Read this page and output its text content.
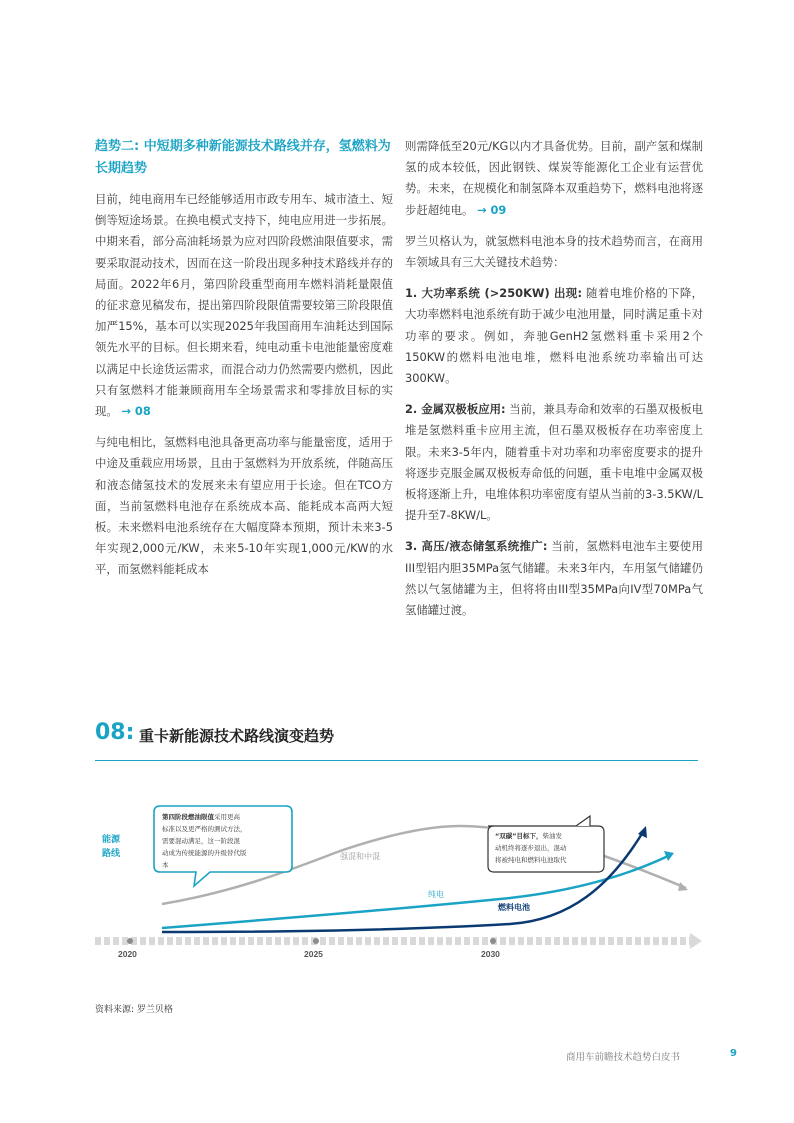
趋势二: 中短期多种新能源技术路线并存，氢燃料为长期趋势
目前，纯电商用车已经能够适用市政专用车、城市渣土、短倒等短途场景。在换电模式支持下，纯电应用进一步拓展。中期来看，部分高油耗场景为应对四阶段燃油限值要求，需要采取混动技术，因而在这一阶段出现多种技术路线并存的局面。2022年6月，第四阶段重型商用车燃料消耗量限值的征求意见稿发布，提出第四阶段限值需要较第三阶段限值加严15%，基本可以实现2025年我国商用车油耗达到国际领先水平的目标。但长期来看，纯电动重卡电池能量密度难以满足中长途货运需求，而混合动力仍然需要内燃机，因此只有氢燃料才能兼顾商用车全场景需求和零排放目标的实现。 → 08
与纯电相比，氢燃料电池具备更高功率与能量密度，适用于中途及重载应用场景，且由于氢燃料为开放系统，伴随高压和液态储氢技术的发展来未有望应用于长途。但在TCO方面，当前氢燃料电池存在系统成本高、能耗成本高两大短板。未来燃料电池系统存在大幅度降本预期，预计未来3-5年实现2,000元/KW，未来5-10年实现1,000元/KW的水平，而氢燃料能耗成本
则需降低至20元/KG以内才具备优势。目前，副产氢和煤制氢的成本较低，因此钢铁、煤炭等能源化工企业有运营优势。未来，在规模化和制氢降本双重趋势下，燃料电池将逐步赶超纯电。 → 09
罗兰贝格认为，就氢燃料电池本身的技术趋势而言，在商用车领域具有三大关键技术趋势：
1. 大功率系统 (>250KW) 出现: 随着电堆价格的下降，大功率燃料电池系统有助于减少电池用量，同时满足重卡对功率的要求。例如，奔驰GenH2氢燃料重卡采用2个150KW的燃料电池电堆，燃料电池系统功率输出可达300KW。
2. 金属双极板应用: 当前，兼具寿命和效率的石墨双极板电堆是氢燃料重卡应用主流，但石墨双极板存在功率密度上限。未来3-5年内，随着重卡对功率和功率密度要求的提升将逐步克服金属双极板寿命低的问题，重卡电堆中金属双极板将逐渐上升，电堆体积功率密度有望从当前的3-3.5KW/L提升至7-8KW/L。
3. 高压/液态储氢系统推广: 当前，氢燃料电池车主要使用III型铝内胆35MPa氢气储罐。未来3年内，车用氢气储罐仍然以气氢储罐为主，但将将由III型35MPa向IV型70MPa气氢储罐过渡。
08: 重卡新能源技术路线演变趋势
2020	2025	2030
能源
路线	强混和中混
纯电
燃料电池
第四阶段燃油限值采用更高
标准以及更严格的测试方法，
需要混动满足，这一阶段混
动成为传统能源的升级替代版
本
“双碳”目标下，柴油发
动机终将逐步退出，混动
将被纯电和燃料电池取代
资料来源: 罗兰贝格
商用车前瞻技术趋势白皮书	9
